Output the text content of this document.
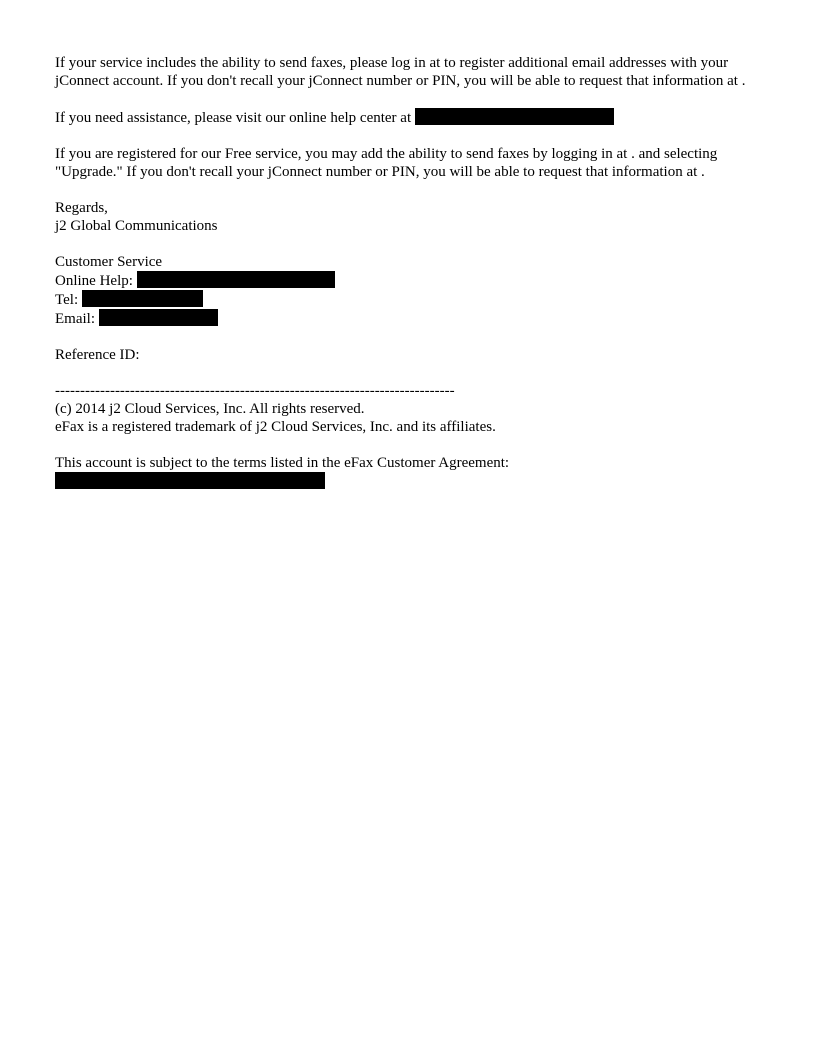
If your service includes the ability to send faxes, please log in at to register additional email addresses with your jConnect account. If you don't recall your jConnect number or PIN, you will be able to request that information at .

If you need assistance, please visit our online help center at

If you are registered for our Free service, you may add the ability to send faxes by logging in at . and selecting "Upgrade." If you don't recall your jConnect number or PIN, you will be able to request that information at .

Regards,

j2 Global Communications

Customer Service

Online Help:

Tel:

Email:

Reference ID:

--------------------------------------------------------------------------------

(c) 2014 j2 Cloud Services, Inc. All rights reserved.

eFax is a registered trademark of j2 Cloud Services, Inc. and its affiliates.

This account is subject to the terms listed in the eFax Customer Agreement:
